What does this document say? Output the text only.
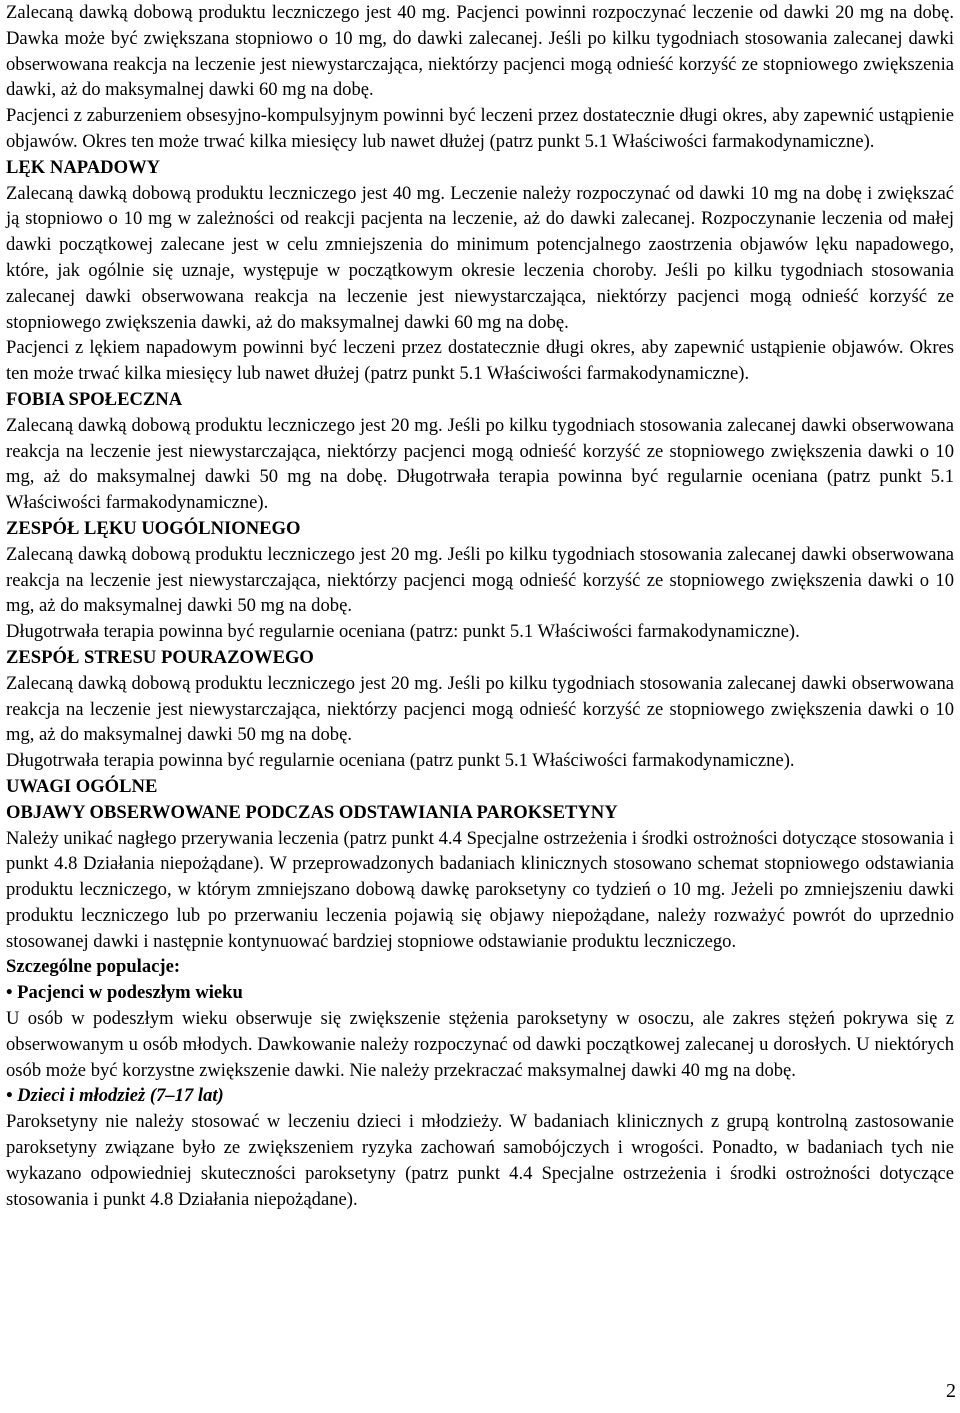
Zalecaną dawką dobową produktu leczniczego jest 40 mg. Pacjenci powinni rozpoczynać leczenie od dawki 20 mg na dobę. Dawka może być zwiększana stopniowo o 10 mg, do dawki zalecanej. Jeśli po kilku tygodniach stosowania zalecanej dawki obserwowana reakcja na leczenie jest niewystarczająca, niektórzy pacjenci mogą odnieść korzyść ze stopniowego zwiększenia dawki, aż do maksymalnej dawki 60 mg na dobę.

Pacjenci z zaburzeniem obsesyjno-kompulsyjnym powinni być leczeni przez dostatecznie długi okres, aby zapewnić ustąpienie objawów. Okres ten może trwać kilka miesięcy lub nawet dłużej (patrz punkt 5.1 Właściwości farmakodynamiczne).

LĘK NAPADOWY

Zalecaną dawką dobową produktu leczniczego jest 40 mg. Leczenie należy rozpoczynać od dawki 10 mg na dobę i zwiększać ją stopniowo o 10 mg w zależności od reakcji pacjenta na leczenie, aż do dawki zalecanej. Rozpoczynanie leczenia od małej dawki początkowej zalecane jest w celu zmniejszenia do minimum potencjalnego zaostrzenia objawów lęku napadowego, które, jak ogólnie się uznaje, występuje w początkowym okresie leczenia choroby. Jeśli po kilku tygodniach stosowania zalecanej dawki obserwowana reakcja na leczenie jest niewystarczająca, niektórzy pacjenci mogą odnieść korzyść ze stopniowego zwiększenia dawki, aż do maksymalnej dawki 60 mg na dobę.

Pacjenci z lękiem napadowym powinni być leczeni przez dostatecznie długi okres, aby zapewnić ustąpienie objawów. Okres ten może trwać kilka miesięcy lub nawet dłużej (patrz punkt 5.1 Właściwości farmakodynamiczne).

FOBIA SPOŁECZNA

Zalecaną dawką dobową produktu leczniczego jest 20 mg. Jeśli po kilku tygodniach stosowania zalecanej dawki obserwowana reakcja na leczenie jest niewystarczająca, niektórzy pacjenci mogą odnieść korzyść ze stopniowego zwiększenia dawki o 10 mg, aż do maksymalnej dawki 50 mg na dobę. Długotrwała terapia powinna być regularnie oceniana (patrz punkt 5.1 Właściwości farmakodynamiczne).

ZESPÓŁ LĘKU UOGÓLNIONEGO

Zalecaną dawką dobową produktu leczniczego jest 20 mg. Jeśli po kilku tygodniach stosowania zalecanej dawki obserwowana reakcja na leczenie jest niewystarczająca, niektórzy pacjenci mogą odnieść korzyść ze stopniowego zwiększenia dawki o 10 mg, aż do maksymalnej dawki 50 mg na dobę.

Długotrwała terapia powinna być regularnie oceniana (patrz: punkt 5.1 Właściwości farmakodynamiczne).

ZESPÓŁ STRESU POURAZOWEGO

Zalecaną dawką dobową produktu leczniczego jest 20 mg. Jeśli po kilku tygodniach stosowania zalecanej dawki obserwowana reakcja na leczenie jest niewystarczająca, niektórzy pacjenci mogą odnieść korzyść ze stopniowego zwiększenia dawki o 10 mg, aż do maksymalnej dawki 50 mg na dobę.

Długotrwała terapia powinna być regularnie oceniana (patrz punkt 5.1 Właściwości farmakodynamiczne).

UWAGI OGÓLNE

OBJAWY OBSERWOWANE PODCZAS ODSTAWIANIA PAROKSETYNY

Należy unikać nagłego przerywania leczenia (patrz punkt 4.4 Specjalne ostrzeżenia i środki ostrożności dotyczące stosowania i punkt 4.8 Działania niepożądane). W przeprowadzonych badaniach klinicznych stosowano schemat stopniowego odstawiania produktu leczniczego, w którym zmniejszano dobową dawkę paroksetyny co tydzień o 10 mg. Jeżeli po zmniejszeniu dawki produktu leczniczego lub po przerwaniu leczenia pojawią się objawy niepożądane, należy rozważyć powrót do uprzednio stosowanej dawki i następnie kontynuować bardziej stopniowe odstawianie produktu leczniczego.

Szczególne populacje:

• Pacjenci w podeszłym wieku

U osób w podeszłym wieku obserwuje się zwiększenie stężenia paroksetyny w osoczu, ale zakres stężeń pokrywa się z obserwowanym u osób młodych. Dawkowanie należy rozpoczynać od dawki początkowej zalecanej u dorosłych. U niektórych osób może być korzystne zwiększenie dawki. Nie należy przekraczać maksymalnej dawki 40 mg na dobę.

• Dzieci i młodzież (7–17 lat)

Paroksetyny nie należy stosować w leczeniu dzieci i młodzieży. W badaniach klinicznych z grupą kontrolną zastosowanie paroksetyny związane było ze zwiększeniem ryzyka zachowań samobójczych i wrogości. Ponadto, w badaniach tych nie wykazano odpowiedniej skuteczności paroksetyny (patrz punkt 4.4 Specjalne ostrzeżenia i środki ostrożności dotyczące stosowania i punkt 4.8 Działania niepożądane).

2
